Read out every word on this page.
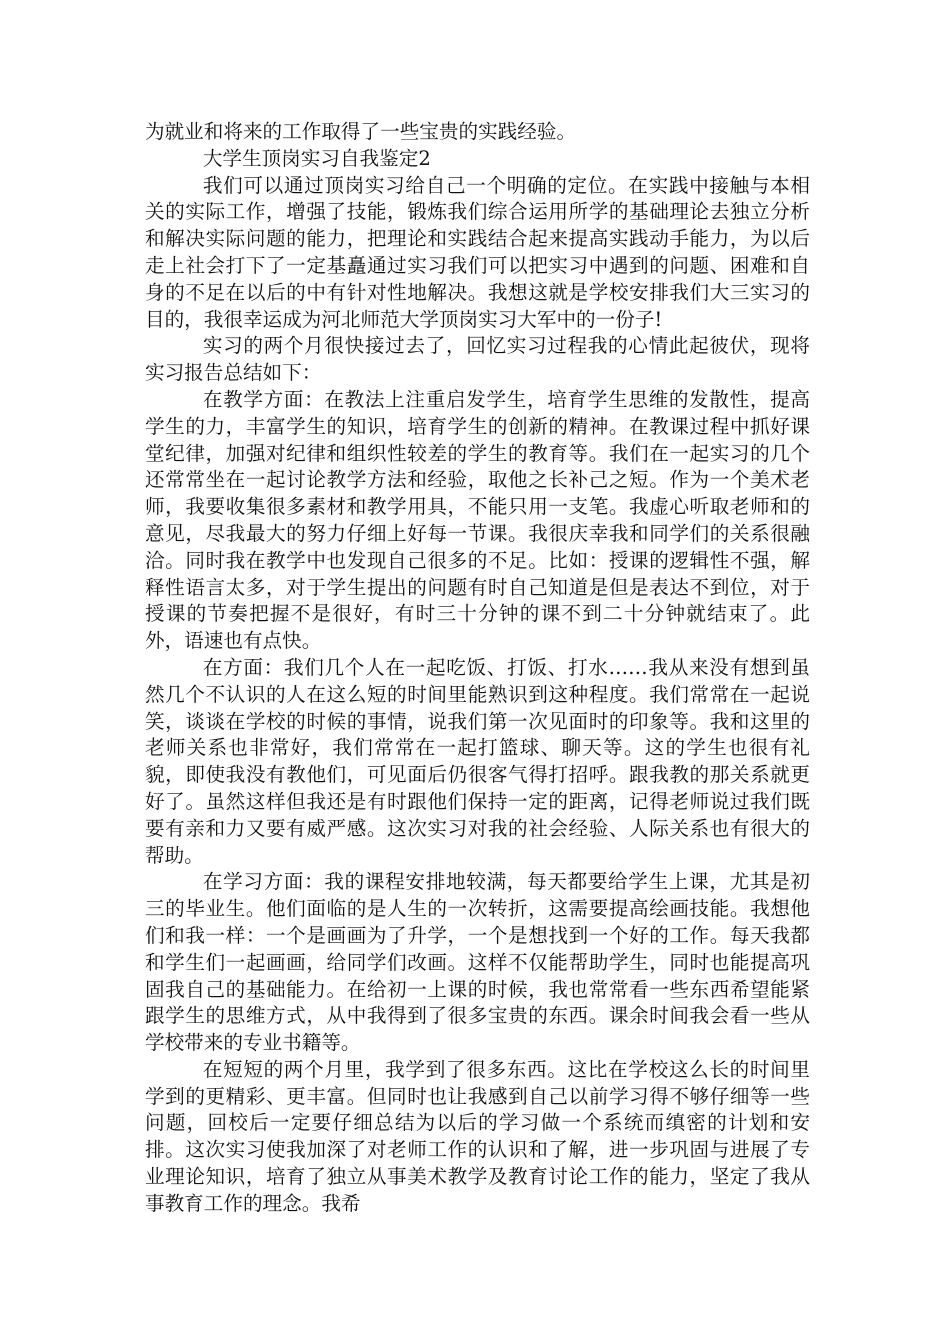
为就业和将来的工作取得了一些宝贵的实践经验。

大学生顶岗实习自我鉴定2

我们可以通过顶岗实习给自己一个明确的定位。在实践中接触与本相关的实际工作，增强了技能，锻炼我们综合运用所学的基础理论去独立分析和解决实际问题的能力，把理论和实践结合起来提高实践动手能力，为以后走上社会打下了一定基矗通过实习我们可以把实习中遇到的问题、困难和自身的不足在以后的中有针对性地解决。我想这就是学校安排我们大三实习的目的，我很幸运成为河北师范大学顶岗实习大军中的一份子!

实习的两个月很快接过去了，回忆实习过程我的心情此起彼伏，现将实习报告总结如下：

在教学方面：在教法上注重启发学生，培育学生思维的发散性，提高学生的力，丰富学生的知识，培育学生的创新的精神。在教课过程中抓好课堂纪律，加强对纪律和组织性较差的学生的教育等。我们在一起实习的几个还常常坐在一起讨论教学方法和经验，取他之长补己之短。作为一个美术老师，我要收集很多素材和教学用具，不能只用一支笔。我虚心听取老师和的意见，尽我最大的努力仔细上好每一节课。我很庆幸我和同学们的关系很融洽。同时我在教学中也发现自己很多的不足。比如：授课的逻辑性不强，解释性语言太多，对于学生提出的问题有时自己知道是但是表达不到位，对于授课的节奏把握不是很好，有时三十分钟的课不到二十分钟就结束了。此外，语速也有点快。

在方面：我们几个人在一起吃饭、打饭、打水……我从来没有想到虽然几个不认识的人在这么短的时间里能熟识到这种程度。我们常常在一起说笑，谈谈在学校的时候的事情，说我们第一次见面时的印象等。我和这里的老师关系也非常好，我们常常在一起打篮球、聊天等。这的学生也很有礼貌，即使我没有教他们，可见面后仍很客气得打招呼。跟我教的那关系就更好了。虽然这样但我还是有时跟他们保持一定的距离，记得老师说过我们既要有亲和力又要有威严感。这次实习对我的社会经验、人际关系也有很大的帮助。

在学习方面：我的课程安排地较满，每天都要给学生上课，尤其是初三的毕业生。他们面临的是人生的一次转折，这需要提高绘画技能。我想他们和我一样：一个是画画为了升学，一个是想找到一个好的工作。每天我都和学生们一起画画，给同学们改画。这样不仅能帮助学生，同时也能提高巩固我自己的基础能力。在给初一上课的时候，我也常常看一些东西希望能紧跟学生的思维方式，从中我得到了很多宝贵的东西。课余时间我会看一些从学校带来的专业书籍等。

在短短的两个月里，我学到了很多东西。这比在学校这么长的时间里学到的更精彩、更丰富。但同时也让我感到自己以前学习得不够仔细等一些问题，回校后一定要仔细总结为以后的学习做一个系统而缜密的计划和安排。这次实习使我加深了对老师工作的认识和了解，进一步巩固与进展了专业理论知识，培育了独立从事美术教学及教育讨论工作的能力，坚定了我从事教育工作的理念。我希
